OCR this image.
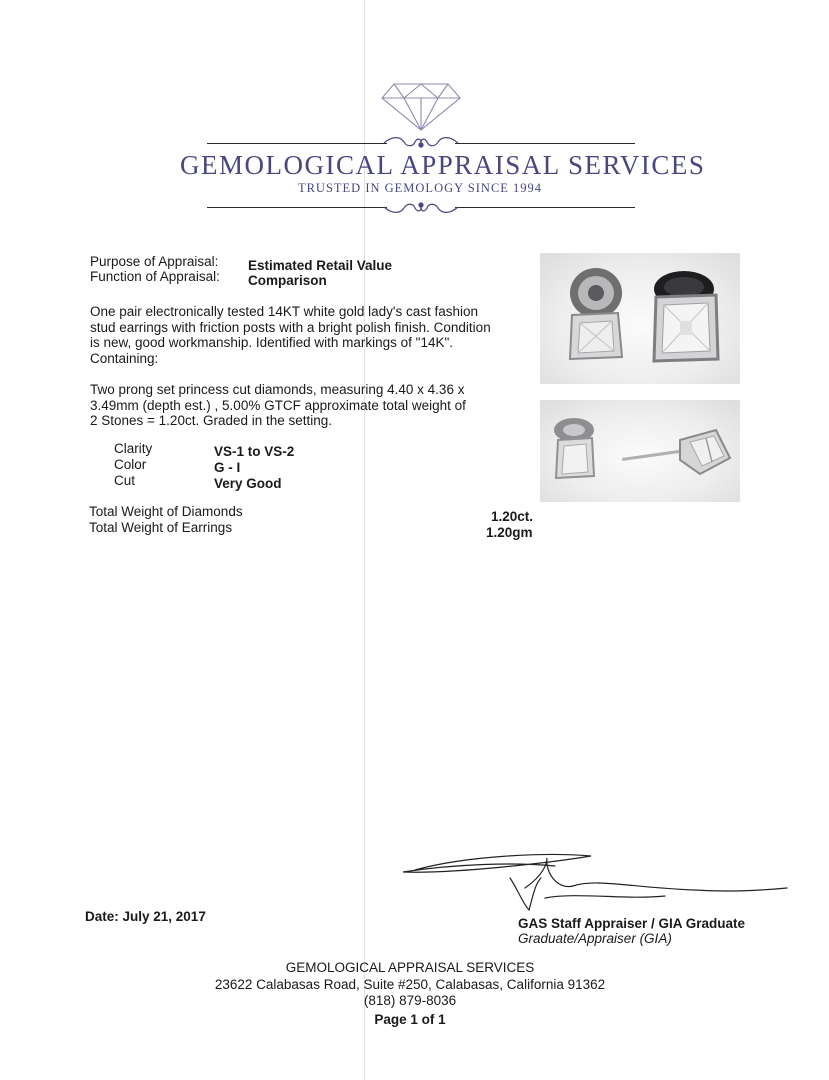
GEMOLOGICAL APPRAISAL SERVICES
TRUSTED IN GEMOLOGY SINCE 1994
Purpose of Appraisal: Estimated Retail Value
Function of Appraisal: Comparison
One pair electronically tested 14KT white gold lady's cast fashion stud earrings with friction posts with a bright polish finish. Condition is new, good workmanship. Identified with markings of "14K". Containing:
Two prong set princess cut diamonds, measuring 4.40 x 4.36 x 3.49mm (depth est.) , 5.00% GTCF approximate total weight of 2 Stones = 1.20ct. Graded in the setting.
Clarity	VS-1 to VS-2
Color	G - I
Cut	Very Good
Total Weight of Diamonds	1.20ct.
Total Weight of Earrings	1.20gm
Date: July 21, 2017	GAS Staff Appraiser / GIA Graduate
Graduate/Appraiser (GIA)
GEMOLOGICAL APPRAISAL SERVICES
23622 Calabasas Road, Suite #250, Calabasas, California 91362
(818) 879-8036
Page 1 of 1
